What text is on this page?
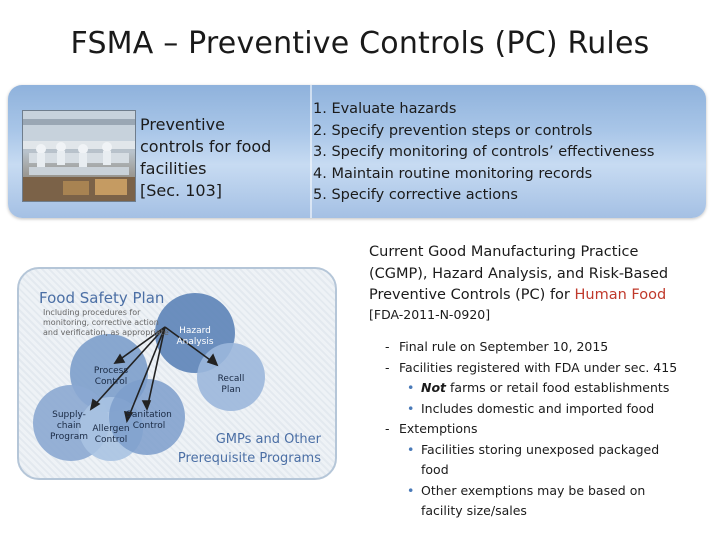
FSMA – Preventive Controls (PC) Rules
Preventive
controls for food
facilities
[Sec. 103]
1. Evaluate hazards
2. Specify prevention steps or controls
3. Specify monitoring of controls’ effectiveness
4. Maintain routine monitoring records
5. Specify corrective actions
Food Safety Plan
Including procedures for
monitoring, corrective action
and verification, as appropriate Hazard
Analysis
Process
Control	Recall
Plan
Supply-
chain
Program
Allergen
Control
Sanitation
Control
GMPs and Other
Prerequisite Programs
Current Good Manufacturing Practice
(CGMP), Hazard Analysis, and Risk-Based
Preventive Controls (PC) for Human Food
[FDA-2011-N-0920]
- Final rule on September 10, 2015
- Facilities registered with FDA under sec. 415
• Not farms or retail food establishments
• Includes domestic and imported food
- Extemptions
• Facilities storing unexposed packaged
food
• Other exemptions may be based on
facility size/sales
